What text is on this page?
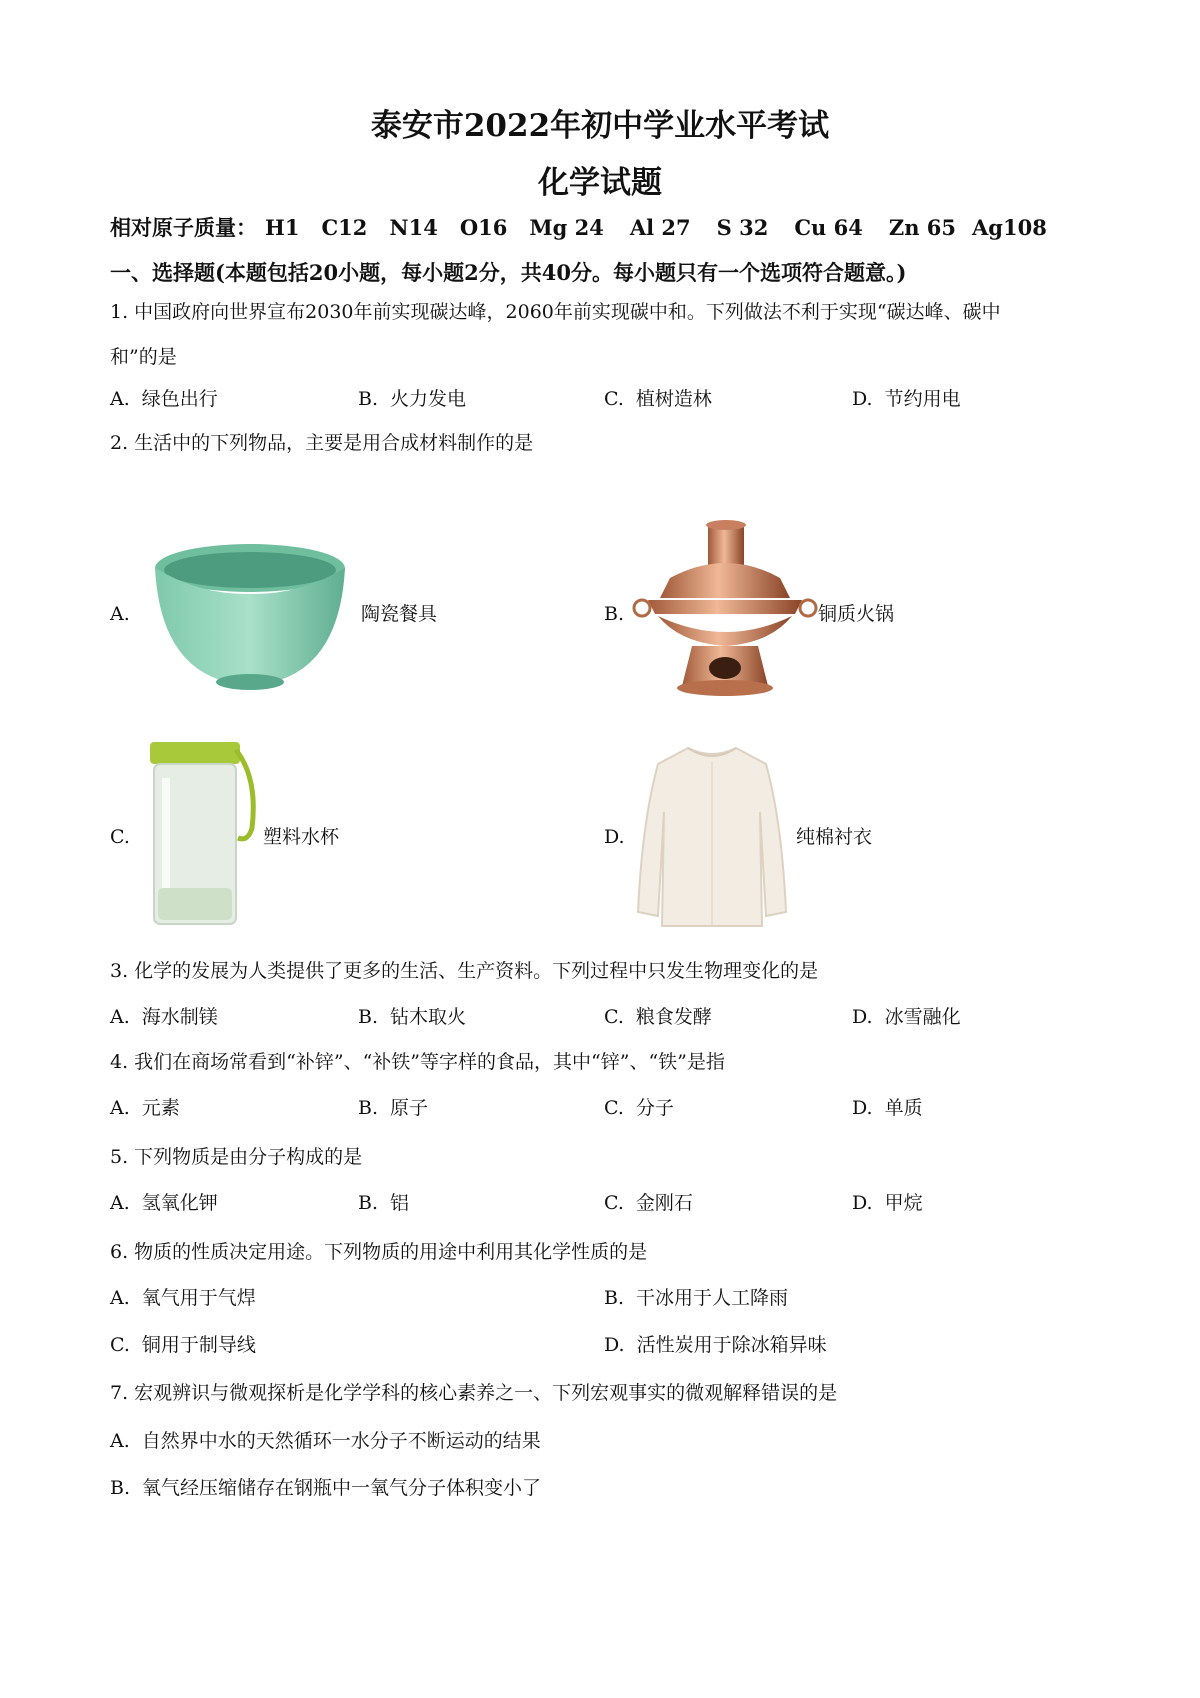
泰安市2022年初中学业水平考试
化学试题
相对原子质量： H1 C12 N14 O16 Mg 24 Al 27 S 32 Cu 64 Zn 65 Ag108
一、选择题(本题包括20小题，每小题2分，共40分。每小题只有一个选项符合题意。)
1. 中国政府向世界宣布2030年前实现碳达峰，2060年前实现碳中和。下列做法不利于实现“碳达峰、碳中
和”的是
A. 绿色出行	B. 火力发电	C. 植树造林	D. 节约用电
2. 生活中的下列物品，主要是用合成材料制作的是
A.	陶瓷餐具	B.	铜质火锅
C.	塑料水杯	D.	纯棉衬衣
3. 化学的发展为人类提供了更多的生活、生产资料。下列过程中只发生物理变化的是
A. 海水制镁	B. 钻木取火	C. 粮食发酵	D. 冰雪融化
4. 我们在商场常看到“补锌”、“补铁”等字样的食品，其中“锌”、“铁”是指
A. 元素	B. 原子	C. 分子	D. 单质
5. 下列物质是由分子构成的是
A. 氢氧化钾	B. 铝	C. 金刚石	D. 甲烷
6. 物质的性质决定用途。下列物质的用途中利用其化学性质的是
A. 氧气用于气焊	B. 干冰用于人工降雨
C. 铜用于制导线	D. 活性炭用于除冰箱异味
7. 宏观辨识与微观探析是化学学科的核心素养之一、下列宏观事实的微观解释错误的是
A. 自然界中水的天然循环一水分子不断运动的结果
B. 氧气经压缩储存在钢瓶中一氧气分子体积变小了
